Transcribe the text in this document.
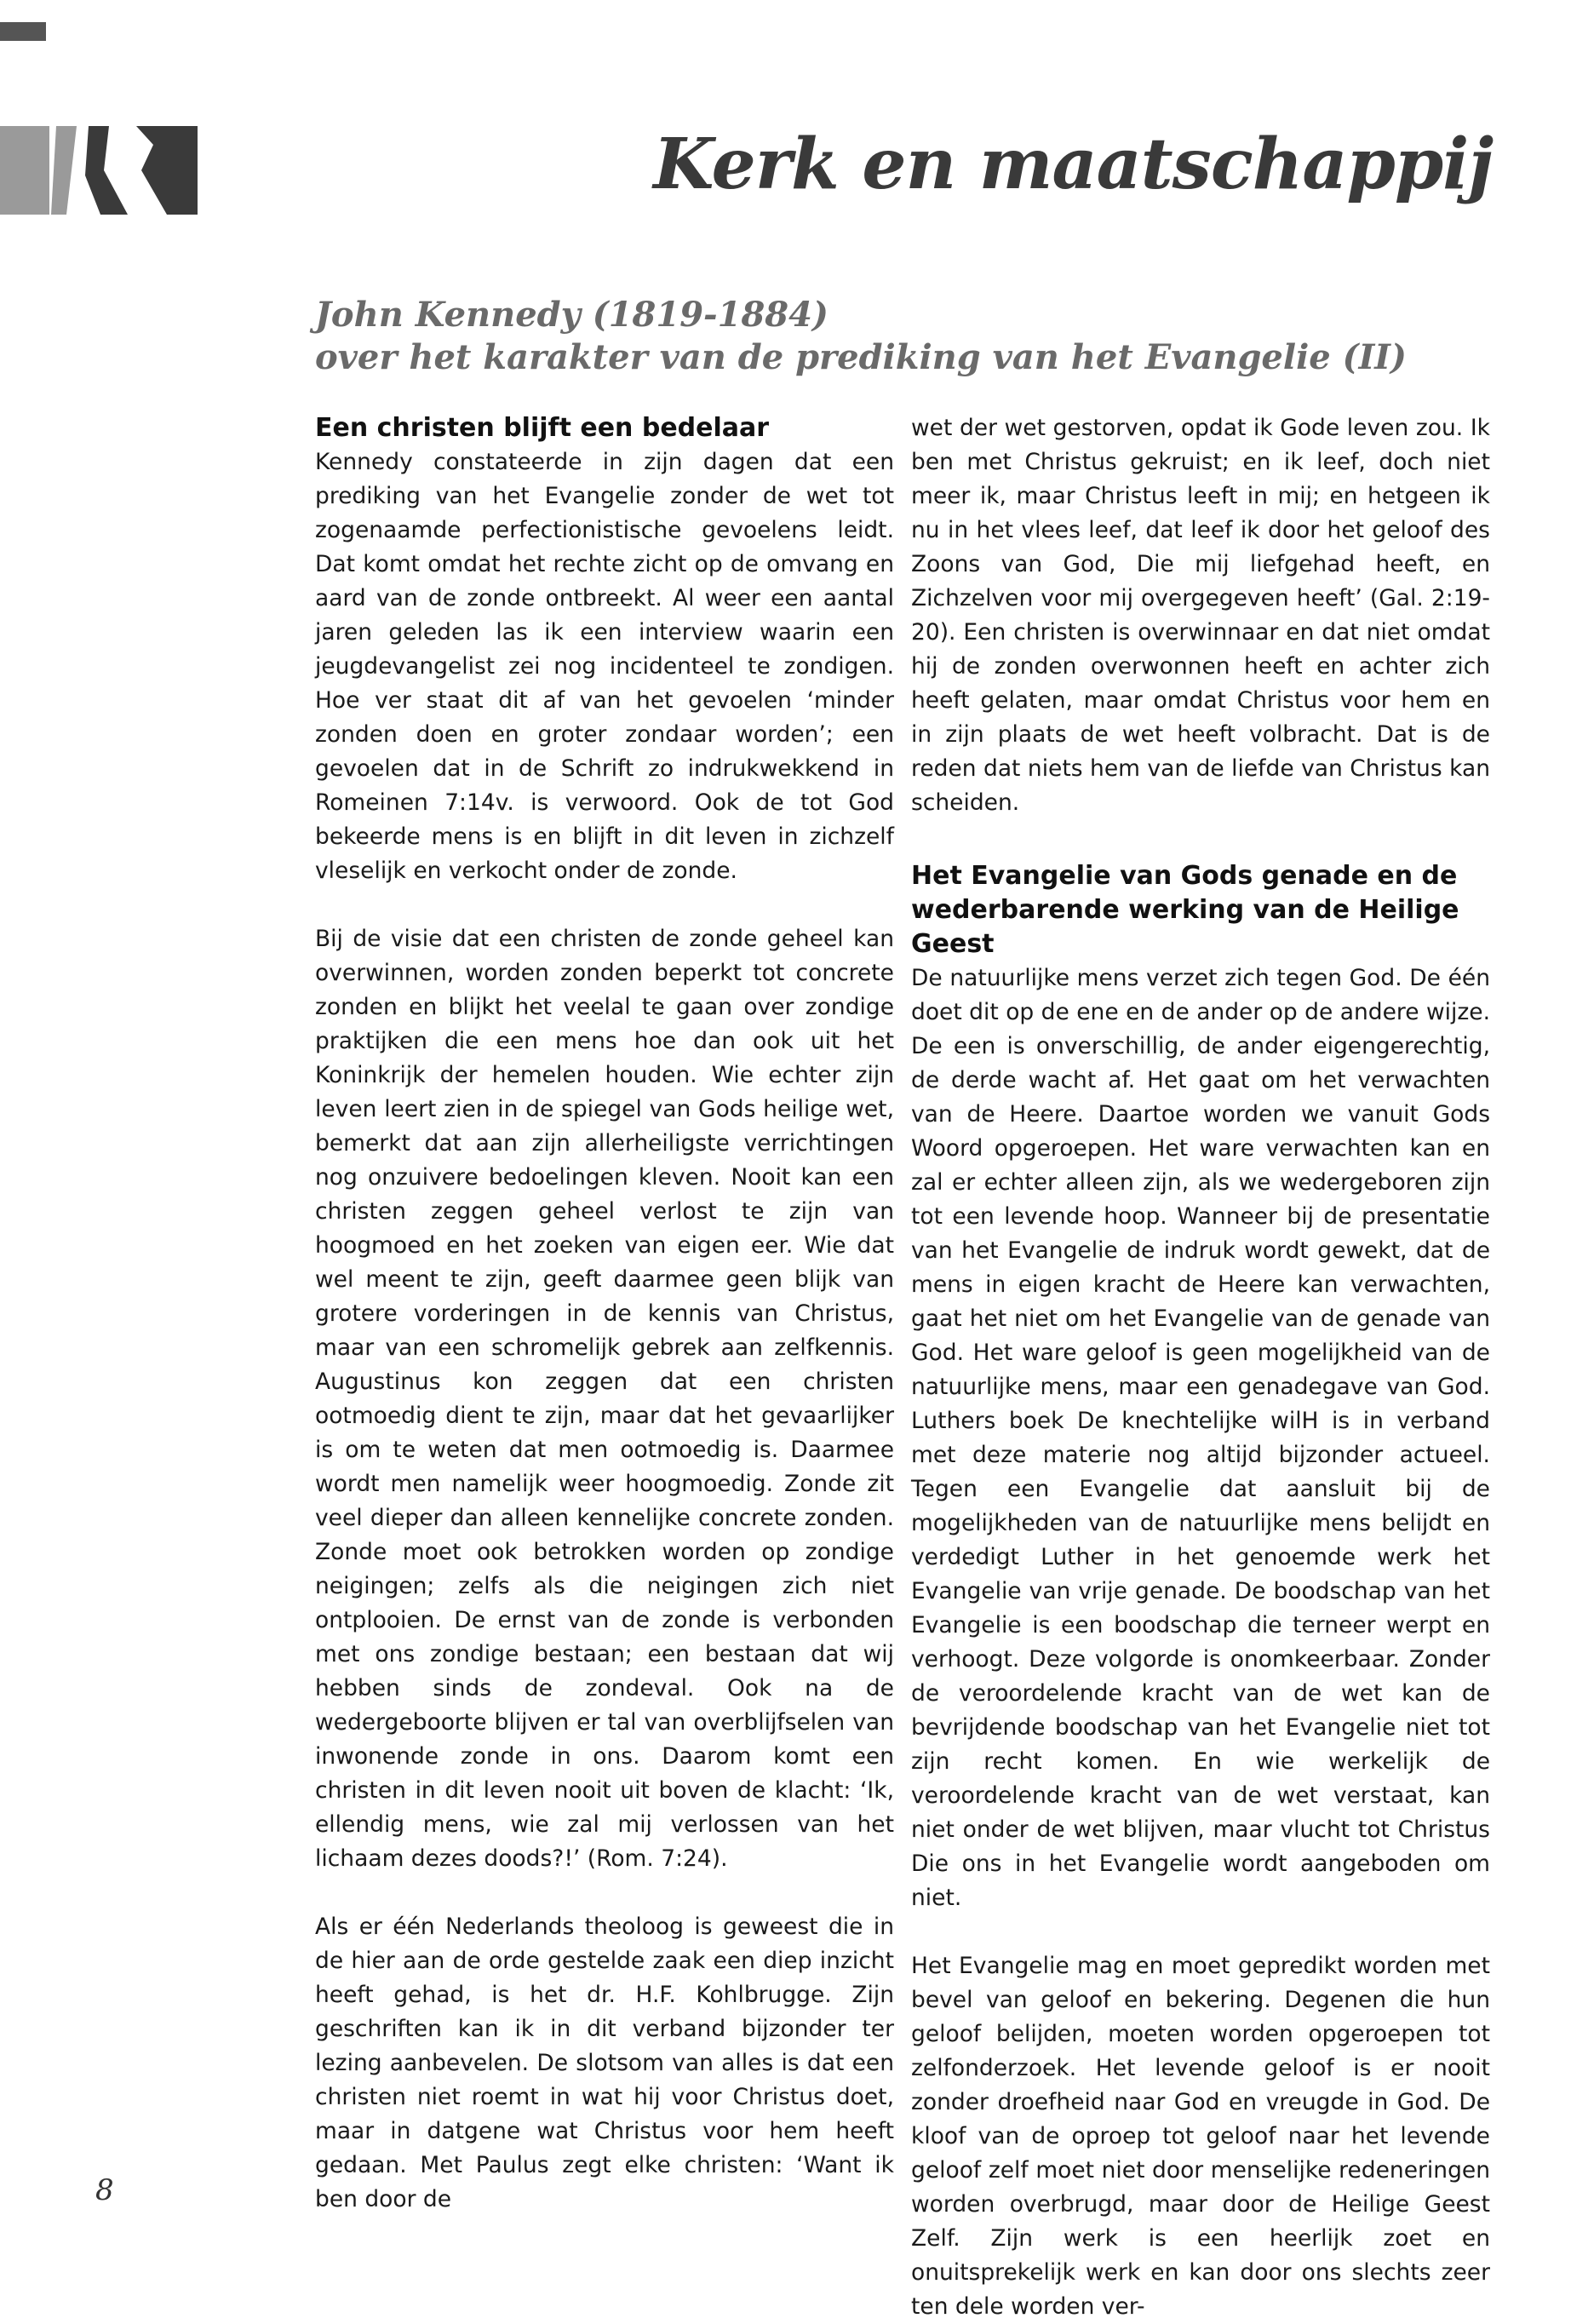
Kerk en maatschappij
John Kennedy (1819-1884)
over het karakter van de prediking van het Evangelie (II)
Een christen blijft een bedelaar

Kennedy constateerde in zijn dagen dat een prediking van het Evangelie zonder de wet tot zogenaamde perfectionistische gevoelens leidt. Dat komt omdat het rechte zicht op de omvang en aard van de zonde ontbreekt. Al weer een aantal jaren geleden las ik een interview waarin een jeugdevangelist zei nog incidenteel te zondigen. Hoe ver staat dit af van het gevoelen ‘minder zonden doen en groter zondaar worden’; een gevoelen dat in de Schrift zo indrukwekkend in Romeinen 7:14v. is verwoord. Ook de tot God bekeerde mens is en blijft in dit leven in zichzelf vleselijk en verkocht onder de zonde.

Bij de visie dat een christen de zonde geheel kan overwinnen, worden zonden beperkt tot concrete zonden en blijkt het veelal te gaan over zondige praktijken die een mens hoe dan ook uit het Koninkrijk der hemelen houden. Wie echter zijn leven leert zien in de spiegel van Gods heilige wet, bemerkt dat aan zijn allerheiligste verrichtingen nog onzuivere bedoelingen kleven. Nooit kan een christen zeggen geheel verlost te zijn van hoogmoed en het zoeken van eigen eer. Wie dat wel meent te zijn, geeft daarmee geen blijk van grotere vorderingen in de kennis van Christus, maar van een schromelijk gebrek aan zelfkennis. Augustinus kon zeggen dat een christen ootmoedig dient te zijn, maar dat het gevaarlijker is om te weten dat men ootmoedig is. Daarmee wordt men namelijk weer hoogmoedig. Zonde zit veel dieper dan alleen kennelijke concrete zonden. Zonde moet ook betrokken worden op zondige neigingen; zelfs als die neigingen zich niet ontplooien. De ernst van de zonde is verbonden met ons zondige bestaan; een bestaan dat wij hebben sinds de zondeval. Ook na de wedergeboorte blijven er tal van overblijfselen van inwonende zonde in ons. Daarom komt een christen in dit leven nooit uit boven de klacht: ‘Ik, ellendig mens, wie zal mij verlossen van het lichaam dezes doods?!’ (Rom. 7:24).

Als er één Nederlands theoloog is geweest die in de hier aan de orde gestelde zaak een diep inzicht heeft gehad, is het dr. H.F. Kohlbrugge. Zijn geschriften kan ik in dit verband bijzonder ter lezing aanbevelen. De slotsom van alles is dat een christen niet roemt in wat hij voor Christus doet, maar in datgene wat Christus voor hem heeft gedaan. Met Paulus zegt elke christen: ‘Want ik ben door de

wet der wet gestorven, opdat ik Gode leven zou. Ik ben met Christus gekruist; en ik leef, doch niet meer ik, maar Christus leeft in mij; en hetgeen ik nu in het vlees leef, dat leef ik door het geloof des Zoons van God, Die mij liefgehad heeft, en Zichzelven voor mij overgegeven heeft’ (Gal. 2:19-20). Een christen is overwinnaar en dat niet omdat hij de zonden overwonnen heeft en achter zich heeft gelaten, maar omdat Christus voor hem en in zijn plaats de wet heeft volbracht. Dat is de reden dat niets hem van de liefde van Christus kan scheiden.

Het Evangelie van Gods genade en de wederbarende werking van de Heilige Geest

De natuurlijke mens verzet zich tegen God. De één doet dit op de ene en de ander op de andere wijze. De een is onverschillig, de ander eigengerechtig, de derde wacht af. Het gaat om het verwachten van de Heere. Daartoe worden we vanuit Gods Woord opgeroepen. Het ware verwachten kan en zal er echter alleen zijn, als we wedergeboren zijn tot een levende hoop. Wanneer bij de presentatie van het Evangelie de indruk wordt gewekt, dat de mens in eigen kracht de Heere kan verwachten, gaat het niet om het Evangelie van de genade van God. Het ware geloof is geen mogelijkheid van de natuurlijke mens, maar een genadegave van God. Luthers boek De knechtelijke wilH is in verband met deze materie nog altijd bijzonder actueel. Tegen een Evangelie dat aansluit bij de mogelijkheden van de natuurlijke mens belijdt en verdedigt Luther in het genoemde werk het Evangelie van vrije genade. De boodschap van het Evangelie is een boodschap die terneer werpt en verhoogt. Deze volgorde is onomkeerbaar. Zonder de veroordelende kracht van de wet kan de bevrijdende boodschap van het Evangelie niet tot zijn recht komen. En wie werkelijk de veroordelende kracht van de wet verstaat, kan niet onder de wet blijven, maar vlucht tot Christus Die ons in het Evangelie wordt aangeboden om niet.

Het Evangelie mag en moet gepredikt worden met bevel van geloof en bekering. Degenen die hun geloof belijden, moeten worden opgeroepen tot zelfonderzoek. Het levende geloof is er nooit zonder droefheid naar God en vreugde in God. De kloof van de oproep tot geloof naar het levende geloof zelf moet niet door menselijke redeneringen worden overbrugd, maar door de Heilige Geest Zelf. Zijn werk is een heerlijk zoet en onuitsprekelijk werk en kan door ons slechts zeer ten dele worden ver-

8
